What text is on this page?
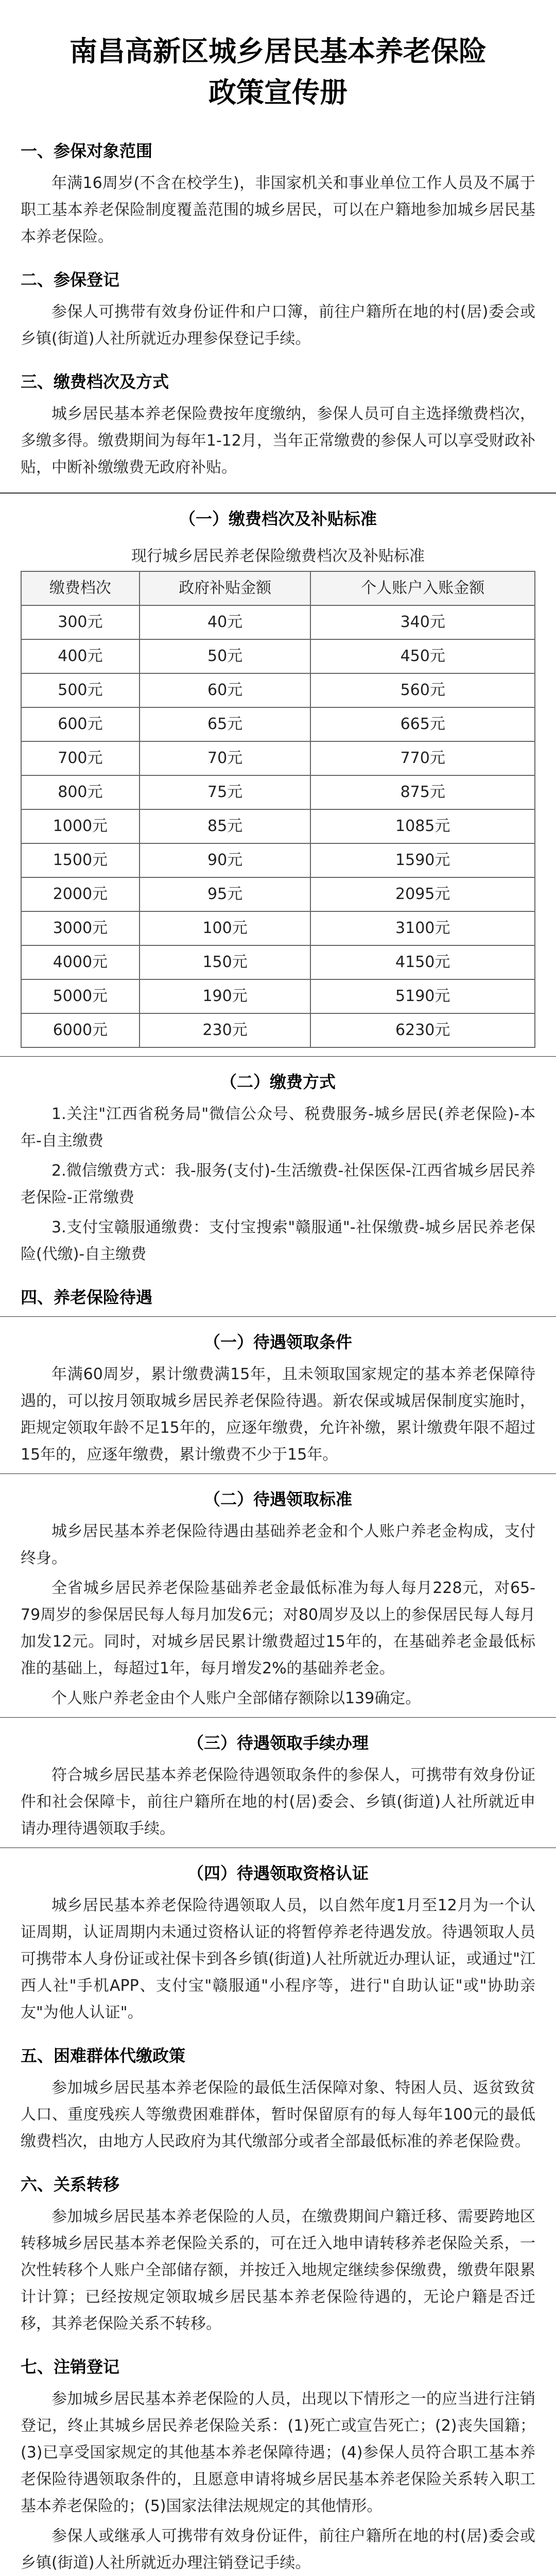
南昌高新区城乡居民基本养老保险
政策宣传册
一、参保对象范围
年满16周岁(不含在校学生)，非国家机关和事业单位工作人员及不属于职工基本养老保险制度覆盖范围的城乡居民，可以在户籍地参加城乡居民基本养老保险。
二、参保登记
参保人可携带有效身份证件和户口簿，前往户籍所在地的村(居)委会或乡镇(街道)人社所就近办理参保登记手续。
三、缴费档次及方式
城乡居民基本养老保险费按年度缴纳，参保人员可自主选择缴费档次，多缴多得。缴费期间为每年1-12月，当年正常缴费的参保人可以享受财政补贴，中断补缴缴费无政府补贴。
（一）缴费档次及补贴标准
现行城乡居民养老保险缴费档次及补贴标准
缴费档次	政府补贴金额	个人账户入账金额
300元	40元	340元
400元	50元	450元
500元	60元	560元
600元	65元	665元
700元	70元	770元
800元	75元	875元
1000元	85元	1085元
1500元	90元	1590元
2000元	95元	2095元
3000元	100元	3100元
4000元	150元	4150元
5000元	190元	5190元
6000元	230元	6230元
（二）缴费方式
1.关注"江西省税务局"微信公众号、税费服务-城乡居民(养老保险)-本年-自主缴费
2.微信缴费方式：我-服务(支付)-生活缴费-社保医保-江西省城乡居民养老保险-正常缴费
3.支付宝赣服通缴费：支付宝搜索"赣服通"-社保缴费-城乡居民养老保险(代缴)-自主缴费
四、养老保险待遇
（一）待遇领取条件
年满60周岁，累计缴费满15年，且未领取国家规定的基本养老保障待遇的，可以按月领取城乡居民养老保险待遇。新农保或城居保制度实施时，距规定领取年龄不足15年的，应逐年缴费，允许补缴，累计缴费年限不超过15年的，应逐年缴费，累计缴费不少于15年。
（二）待遇领取标准
城乡居民基本养老保险待遇由基础养老金和个人账户养老金构成，支付终身。
全省城乡居民养老保险基础养老金最低标准为每人每月228元，对65-79周岁的参保居民每人每月加发6元；对80周岁及以上的参保居民每人每月加发12元。同时，对城乡居民累计缴费超过15年的，在基础养老金最低标准的基础上，每超过1年，每月增发2%的基础养老金。
个人账户养老金由个人账户全部储存额除以139确定。
（三）待遇领取手续办理
符合城乡居民基本养老保险待遇领取条件的参保人，可携带有效身份证件和社会保障卡，前往户籍所在地的村(居)委会、乡镇(街道)人社所就近申请办理待遇领取手续。
（四）待遇领取资格认证
城乡居民基本养老保险待遇领取人员，以自然年度1月至12月为一个认证周期，认证周期内未通过资格认证的将暂停养老待遇发放。待遇领取人员可携带本人身份证或社保卡到各乡镇(街道)人社所就近办理认证，或通过"江西人社"手机APP、支付宝"赣服通"小程序等，进行"自助认证"或"协助亲友"为他人认证"。
五、困难群体代缴政策
参加城乡居民基本养老保险的最低生活保障对象、特困人员、返贫致贫人口、重度残疾人等缴费困难群体，暂时保留原有的每人每年100元的最低缴费档次，由地方人民政府为其代缴部分或者全部最低标准的养老保险费。
六、关系转移
参加城乡居民基本养老保险的人员，在缴费期间户籍迁移、需要跨地区转移城乡居民基本养老保险关系的，可在迁入地申请转移养老保险关系，一次性转移个人账户全部储存额，并按迁入地规定继续参保缴费，缴费年限累计计算；已经按规定领取城乡居民基本养老保险待遇的，无论户籍是否迁移，其养老保险关系不转移。
七、注销登记
参加城乡居民基本养老保险的人员，出现以下情形之一的应当进行注销登记，终止其城乡居民养老保险关系：(1)死亡或宣告死亡；(2)丧失国籍；(3)已享受国家规定的其他基本养老保障待遇；(4)参保人员符合职工基本养老保险待遇领取条件的，且愿意申请将城乡居民基本养老保险关系转入职工基本养老保险的；(5)国家法律法规规定的其他情形。
参保人或继承人可携带有效身份证件，前往户籍所在地的村(居)委会或乡镇(街道)人社所就近办理注销登记手续。
